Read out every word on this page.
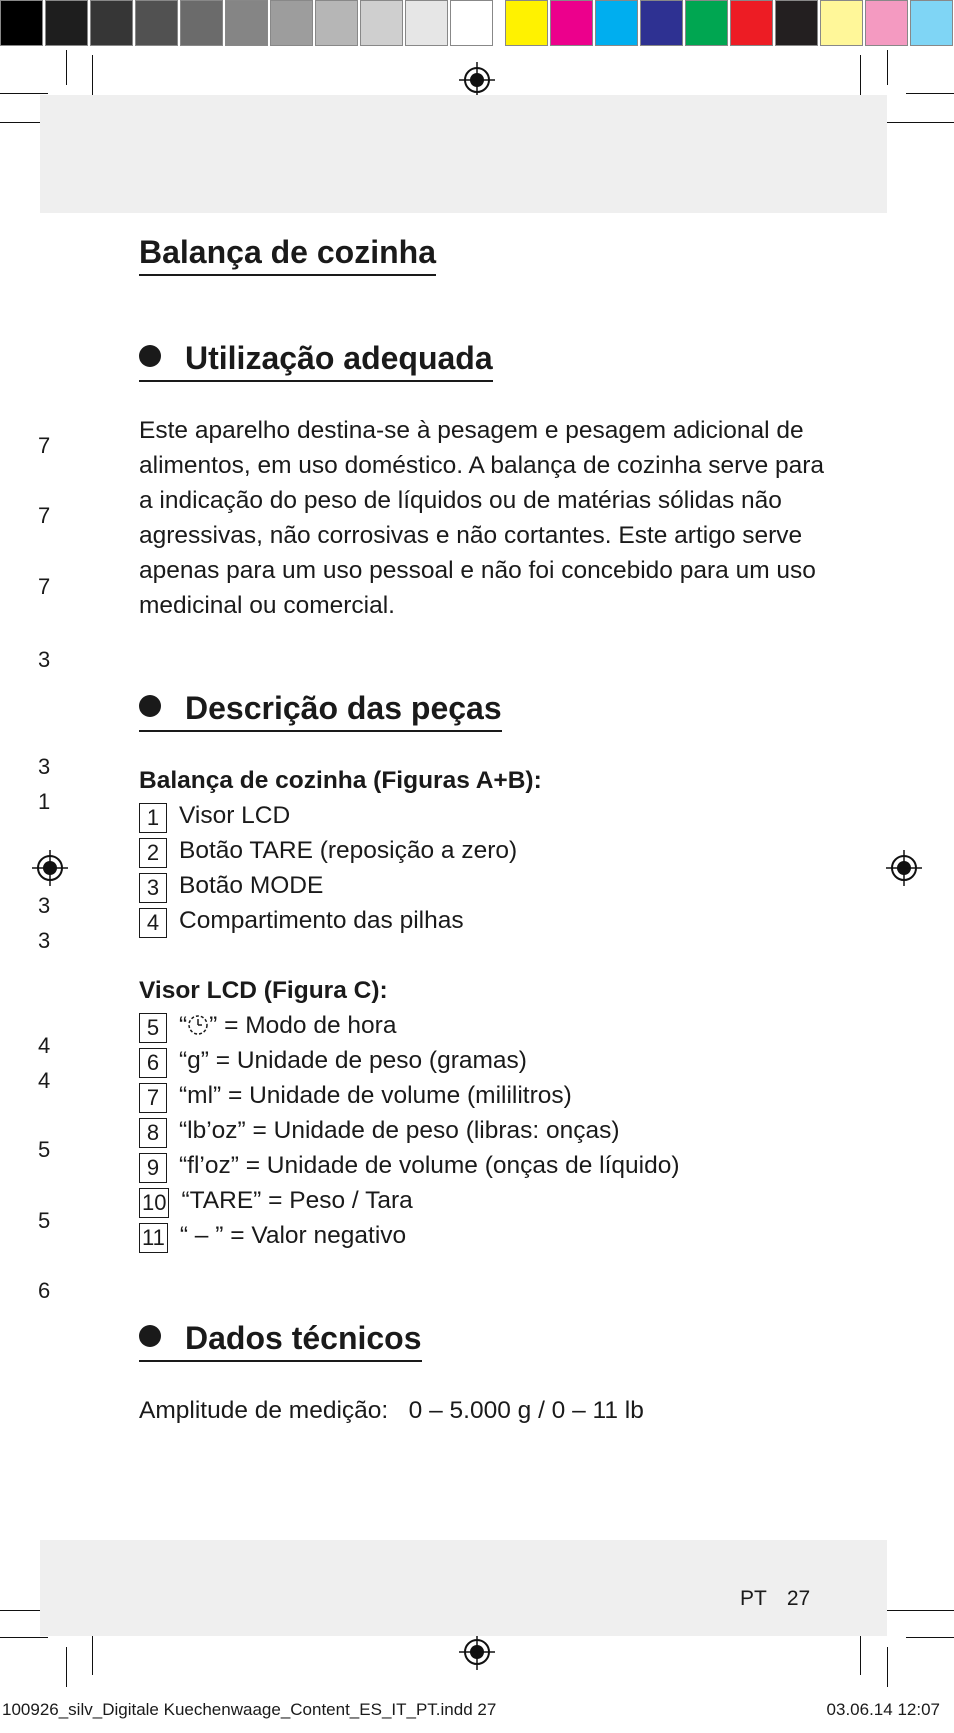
7
7
7
3
3
1
3
3
4
4
5
5
6
Balança de cozinha
Utilização adequada
Este aparelho destina-se à pesagem e pesagem adicional de
alimentos, em uso doméstico. A balança de cozinha serve para
a indicação do peso de líquidos ou de matérias sólidas não
agressivas, não corrosivas e não cortantes. Este artigo serve
apenas para um uso pessoal e não foi concebido para um uso
medicinal ou comercial.
Descrição das peças
Balança de cozinha (Figuras A+B):
1 Visor LCD
2 Botão TARE (reposição a zero)
3 Botão MODE
4 Compartimento das pilhas
Visor LCD (Figura C):
5 “ ” = Modo de hora
6 “g” = Unidade de peso (gramas)
7 “ml” = Unidade de volume (mililitros)
8 “lb’oz” = Unidade de peso (libras: onças)
9 “fl’oz” = Unidade de volume (onças de líquido)
10 “TARE” = Peso / Tara
11 “ – ” = Valor negativo
Dados técnicos
Amplitude de medição: 0 – 5.000 g / 0 – 11 lb
PT 27
100926_silv_Digitale Kuechenwaage_Content_ES_IT_PT.indd 27	03.06.14 12:07
